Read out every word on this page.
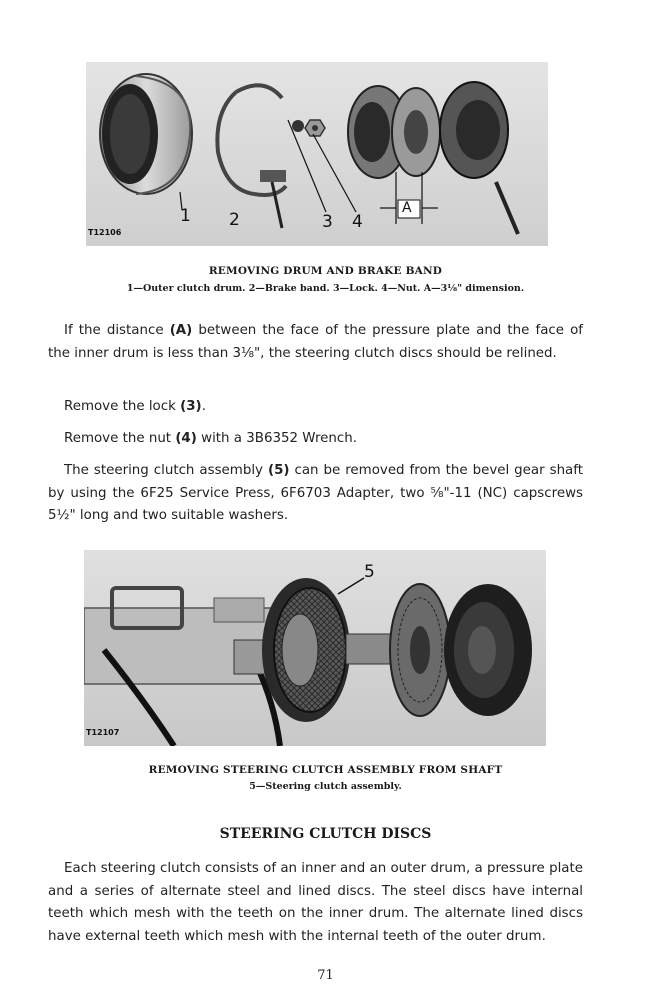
T12106
1 2	3 4
A
REMOVING DRUM AND BRAKE BAND
1—Outer clutch drum. 2—Brake band. 3—Lock. 4—Nut. A—3⅛" dimension.

If the distance (A) between the face of the pressure plate and the face of the inner drum is less than 3⅛", the steering clutch discs should be relined.

Remove the lock (3).

Remove the nut (4) with a 3B6352 Wrench.

The steering clutch assembly (5) can be removed from the bevel gear shaft by using the 6F25 Service Press, 6F6703 Adapter, two ⅝"-11 (NC) capscrews 5½" long and two suitable washers.

T12107
5
REMOVING STEERING CLUTCH ASSEMBLY FROM SHAFT
5—Steering clutch assembly.
STEERING CLUTCH DISCS

Each steering clutch consists of an inner and an outer drum, a pressure plate and a series of alternate steel and lined discs. The steel discs have internal teeth which mesh with the teeth on the inner drum. The alternate lined discs have external teeth which mesh with the internal teeth of the outer drum.

71
